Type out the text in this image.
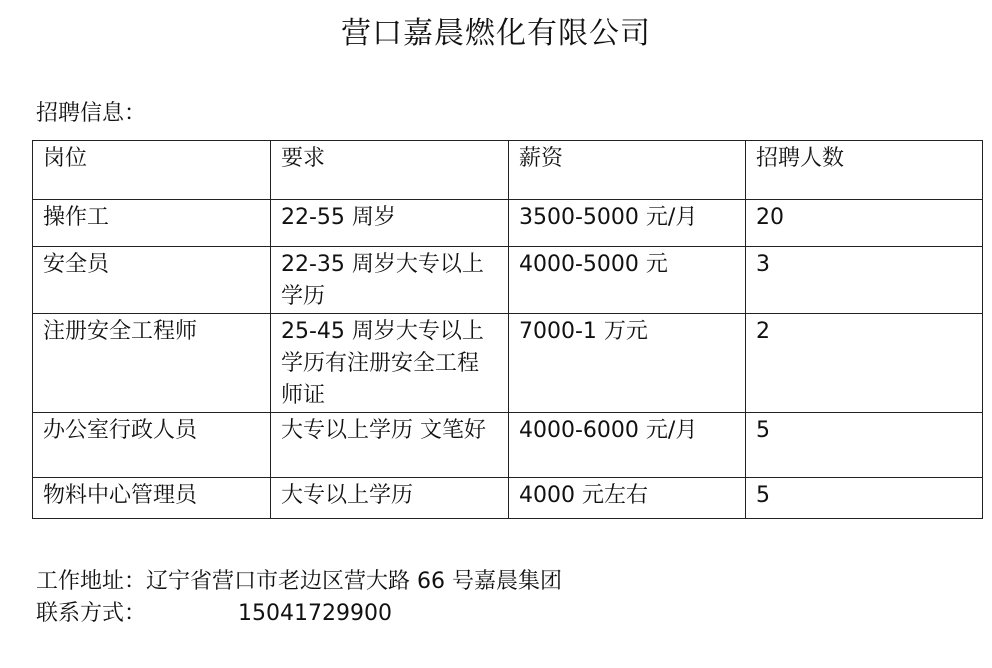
营口嘉晨燃化有限公司
招聘信息：
岗位	要求	薪资	招聘人数
操作工	22-55 周岁	3500-5000 元/月	20
安全员	22-35 周岁大专以上学历	4000-5000 元	3
注册安全工程师	25-45 周岁大专以上学历有注册安全工程师证	7000-1 万元	2
办公室行政人员	大专以上学历 文笔好	4000-6000 元/月	5
物料中心管理员	大专以上学历	4000 元左右	5
工作地址：辽宁省营口市老边区营大路 66 号嘉晨集团
联系方式：	15041729900
